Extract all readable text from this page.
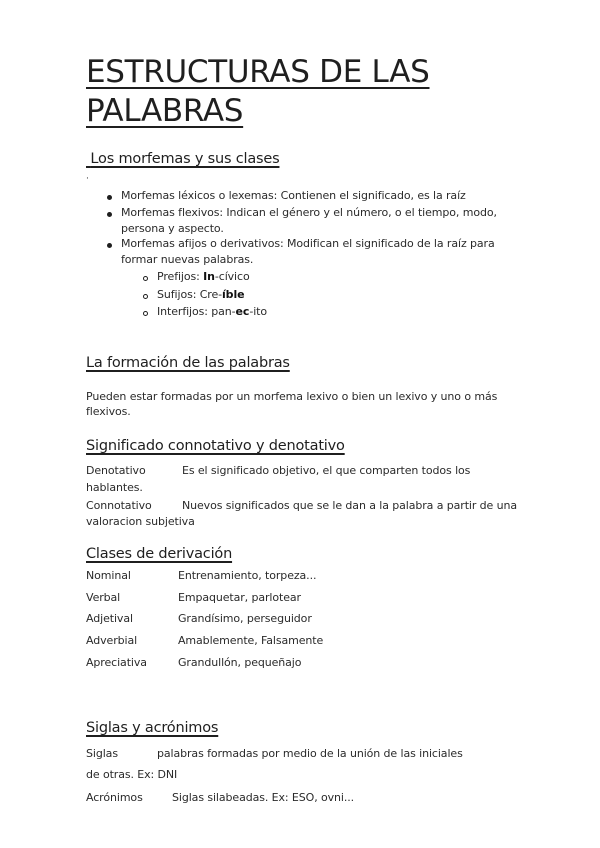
ESTRUCTURAS DE LAS
PALABRAS
Los morfemas y sus clases
·
Morfemas léxicos o lexemas: Contienen el significado, es la raíz
Morfemas flexivos: Indican el género y el número, o el tiempo, modo,
persona y aspecto.
Morfemas afijos o derivativos: Modifican el significado de la raíz para
formar nuevas palabras.
Prefijos: In-cívico
Sufijos: Cre-íble
Interfijos: pan-ec-ito
La formación de las palabras
Pueden estar formadas por un morfema lexivo o bien un lexivo y uno o más
flexivos.
Significado connotativo y denotativo
Denotativo	Es el significado objetivo, el que comparten todos los
hablantes.
Connotativo	Nuevos significados que se le dan a la palabra a partir de una
valoracion subjetiva
Clases de derivación
Nominal	Entrenamiento, torpeza...
Verbal	Empaquetar, parlotear
Adjetival	Grandísimo, perseguidor
Adverbial	Amablemente, Falsamente
Apreciativa	Grandullón, pequeñajo
Siglas y acrónimos
Siglas	palabras formadas por medio de la unión de las iniciales
de otras. Ex: DNI
Acrónimos	Siglas silabeadas. Ex: ESO, ovni...
